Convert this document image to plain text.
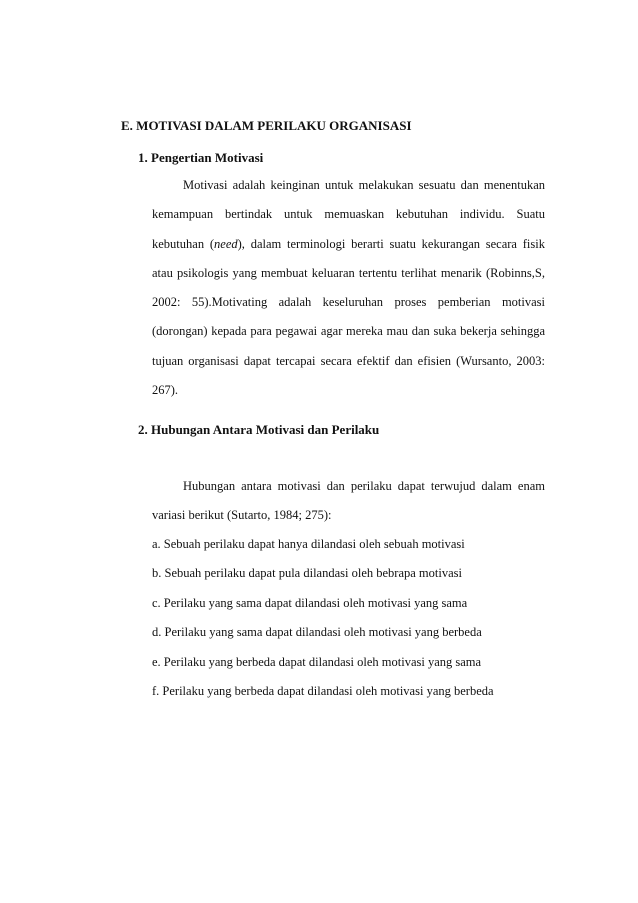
E. MOTIVASI DALAM PERILAKU ORGANISASI
1. Pengertian Motivasi

Motivasi adalah keinginan untuk melakukan sesuatu dan menentukan kemampuan bertindak untuk memuaskan kebutuhan individu. Suatu kebutuhan (need), dalam terminologi berarti suatu kekurangan secara fisik atau psikologis yang membuat keluaran tertentu terlihat menarik (Robinns,S, 2002: 55).Motivating adalah keseluruhan proses pemberian motivasi (dorongan) kepada para pegawai agar mereka mau dan suka bekerja sehingga tujuan organisasi dapat tercapai secara efektif dan efisien (Wursanto, 2003: 267).

2. Hubungan Antara Motivasi dan Perilaku

Hubungan antara motivasi dan perilaku dapat terwujud dalam enam variasi berikut (Sutarto, 1984; 275):

a. Sebuah perilaku dapat hanya dilandasi oleh sebuah motivasi
b. Sebuah perilaku dapat pula dilandasi oleh bebrapa motivasi
c. Perilaku yang sama dapat dilandasi oleh motivasi yang sama
d. Perilaku yang sama dapat dilandasi oleh motivasi yang berbeda
e. Perilaku yang berbeda dapat dilandasi oleh motivasi yang sama
f. Perilaku yang berbeda dapat dilandasi oleh motivasi yang berbeda
